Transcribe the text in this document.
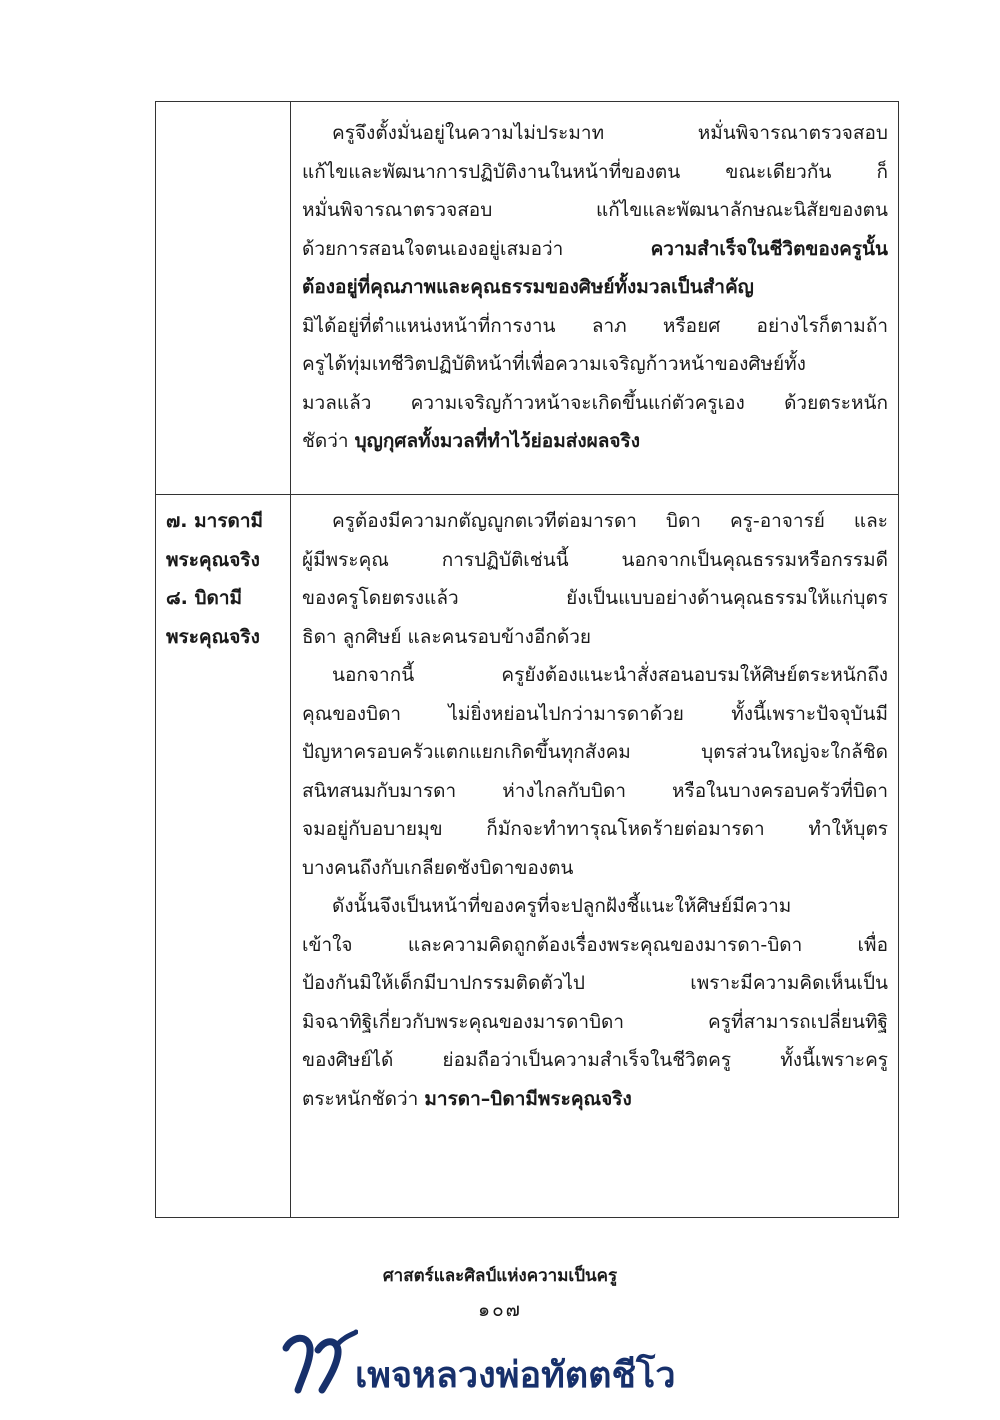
ครูจึงตั้งมั่นอยู่ในความไม่ประมาท หมั่นพิจารณาตรวจสอบ
แก้ไขและพัฒนาการปฏิบัติงานในหน้าที่ของตน ขณะเดียวกัน ก็
หมั่นพิจารณาตรวจสอบ แก้ไขและพัฒนาลักษณะนิสัยของตน
ด้วยการสอนใจตนเองอยู่เสมอว่า ความสำเร็จในชีวิตของครูนั้น
ต้องอยู่ที่คุณภาพและคุณธรรมของศิษย์ทั้งมวลเป็นสำคัญ
มิได้อยู่ที่ตำแหน่งหน้าที่การงาน ลาภ หรือยศ อย่างไรก็ตามถ้า
ครูได้ทุ่มเทชีวิตปฏิบัติหน้าที่เพื่อความเจริญก้าวหน้าของศิษย์ทั้ง
มวลแล้ว ความเจริญก้าวหน้าจะเกิดขึ้นแก่ตัวครูเอง ด้วยตระหนัก
ชัดว่า บุญกุศลทั้งมวลที่ทำไว้ย่อมส่งผลจริง
๗. มารดามี
พระคุณจริง
๘. บิดามี
พระคุณจริง
ครูต้องมีความกตัญญูกตเวทีต่อมารดา บิดา ครู-อาจารย์ และ
ผู้มีพระคุณ การปฏิบัติเช่นนี้ นอกจากเป็นคุณธรรมหรือกรรมดี
ของครูโดยตรงแล้ว ยังเป็นแบบอย่างด้านคุณธรรมให้แก่บุตร
ธิดา ลูกศิษย์ และคนรอบข้างอีกด้วย
นอกจากนี้ ครูยังต้องแนะนำสั่งสอนอบรมให้ศิษย์ตระหนักถึง
คุณของบิดา ไม่ยิ่งหย่อนไปกว่ามารดาด้วย ทั้งนี้เพราะปัจจุบันมี
ปัญหาครอบครัวแตกแยกเกิดขึ้นทุกสังคม บุตรส่วนใหญ่จะใกล้ชิด
สนิทสนมกับมารดา ห่างไกลกับบิดา หรือในบางครอบครัวที่บิดา
จมอยู่กับอบายมุข ก็มักจะทำทารุณโหดร้ายต่อมารดา ทำให้บุตร
บางคนถึงกับเกลียดชังบิดาของตน
ดังนั้นจึงเป็นหน้าที่ของครูที่จะปลูกฝังชี้แนะให้ศิษย์มีความ
เข้าใจ และความคิดถูกต้องเรื่องพระคุณของมารดา-บิดา เพื่อ
ป้องกันมิให้เด็กมีบาปกรรมติดตัวไป เพราะมีความคิดเห็นเป็น
มิจฉาทิฐิเกี่ยวกับพระคุณของมารดาบิดา ครูที่สามารถเปลี่ยนทิฐิ
ของศิษย์ได้ ย่อมถือว่าเป็นความสำเร็จในชีวิตครู ทั้งนี้เพราะครู
ตระหนักชัดว่า มารดา–บิดามีพระคุณจริง
ศาสตร์และศิลป์แห่งความเป็นครู
๑๐๗
เพจหลวงพ่อทัตตชีโว
